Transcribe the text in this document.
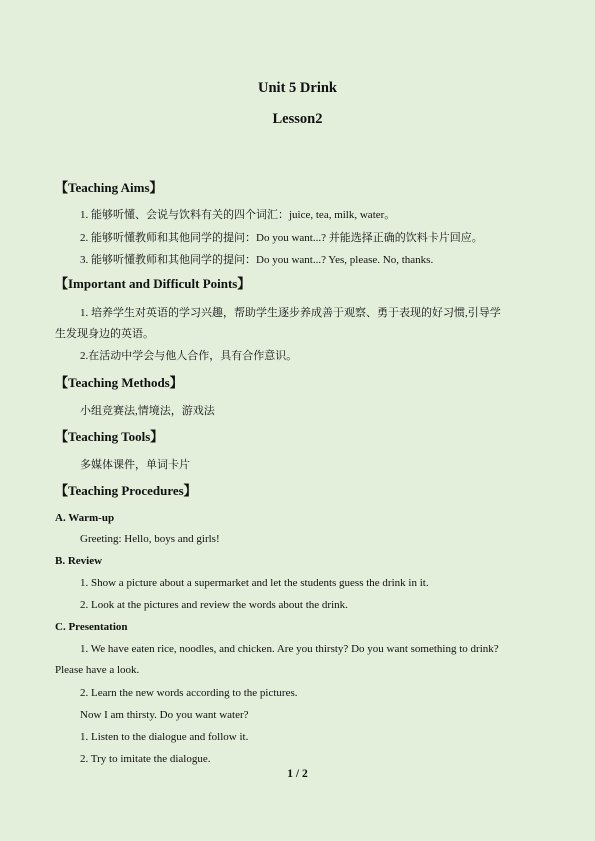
Unit 5 Drink
Lesson2
【Teaching Aims】
1. 能够听懂、会说与饮料有关的四个词汇：juice, tea, milk, water。
2. 能够听懂教师和其他同学的提问：Do you want...? 并能选择正确的饮料卡片回应。
3. 能够听懂教师和其他同学的提问：Do you want...? Yes, please. No, thanks.
【Important and Difficult Points】
1. 培养学生对英语的学习兴趣，帮助学生逐步养成善于观察、勇于表现的好习惯,引导学
生发现身边的英语。
2.在活动中学会与他人合作，具有合作意识。
【Teaching Methods】
小组竞赛法,情境法，游戏法
【Teaching Tools】
多媒体课件，单词卡片
【Teaching Procedures】
A. Warm-up
Greeting: Hello, boys and girls!
B. Review
1. Show a picture about a supermarket and let the students guess the drink in it.
2. Look at the pictures and review the words about the drink.
C. Presentation
1. We have eaten rice, noodles, and chicken. Are you thirsty? Do you want something to drink?
Please have a look.
2. Learn the new words according to the pictures.
Now I am thirsty. Do you want water?
1. Listen to the dialogue and follow it.
2. Try to imitate the dialogue.
1 / 2
